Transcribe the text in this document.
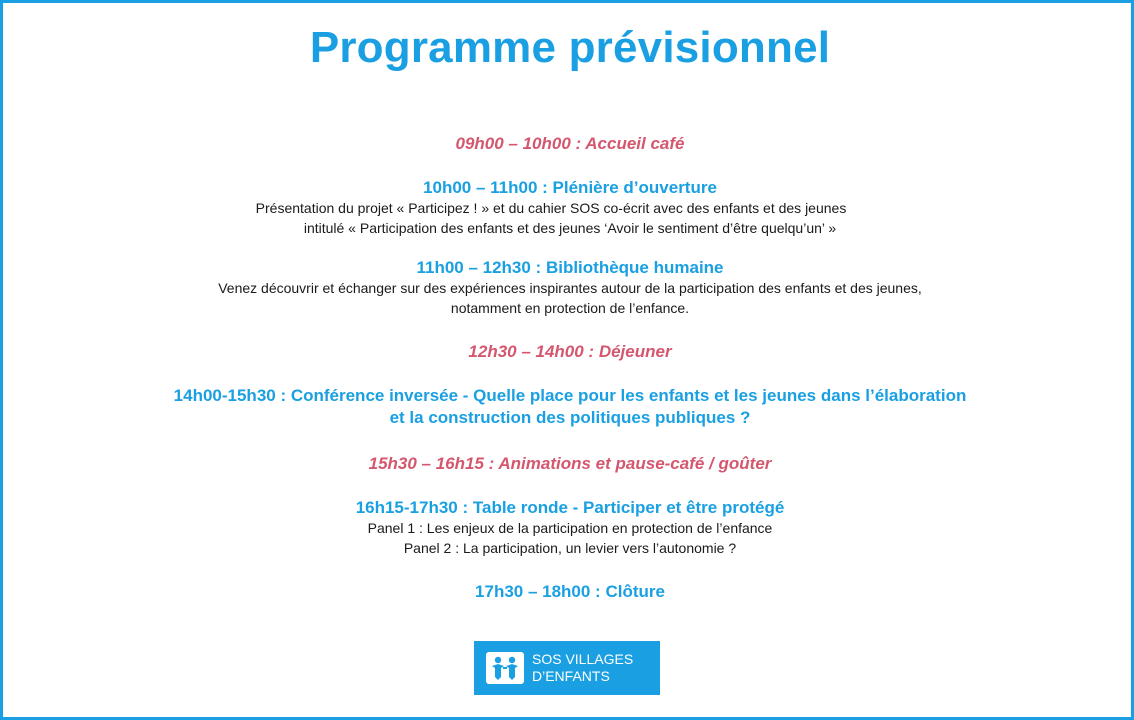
Programme prévisionnel
09h00 – 10h00 : Accueil café
10h00 – 11h00 : Plénière d’ouverture
Présentation du projet « Participez ! » et du cahier SOS co-écrit avec des enfants et des jeunes
intitulé « Participation des enfants et des jeunes ‘Avoir le sentiment d’être quelqu’un’ »
11h00 – 12h30 : Bibliothèque humaine
Venez découvrir et échanger sur des expériences inspirantes autour de la participation des enfants et des jeunes,
notamment en protection de l’enfance.
12h30 – 14h00 : Déjeuner
14h00-15h30 : Conférence inversée - Quelle place pour les enfants et les jeunes dans l’élaboration
et la construction des politiques publiques ?
15h30 – 16h15 : Animations et pause-café / goûter
16h15-17h30 : Table ronde - Participer et être protégé
Panel 1 : Les enjeux de la participation en protection de l’enfance
Panel 2 : La participation, un levier vers l’autonomie ?
17h30 – 18h00 : Clôture
SOS VILLAGES
D’ENFANTS
